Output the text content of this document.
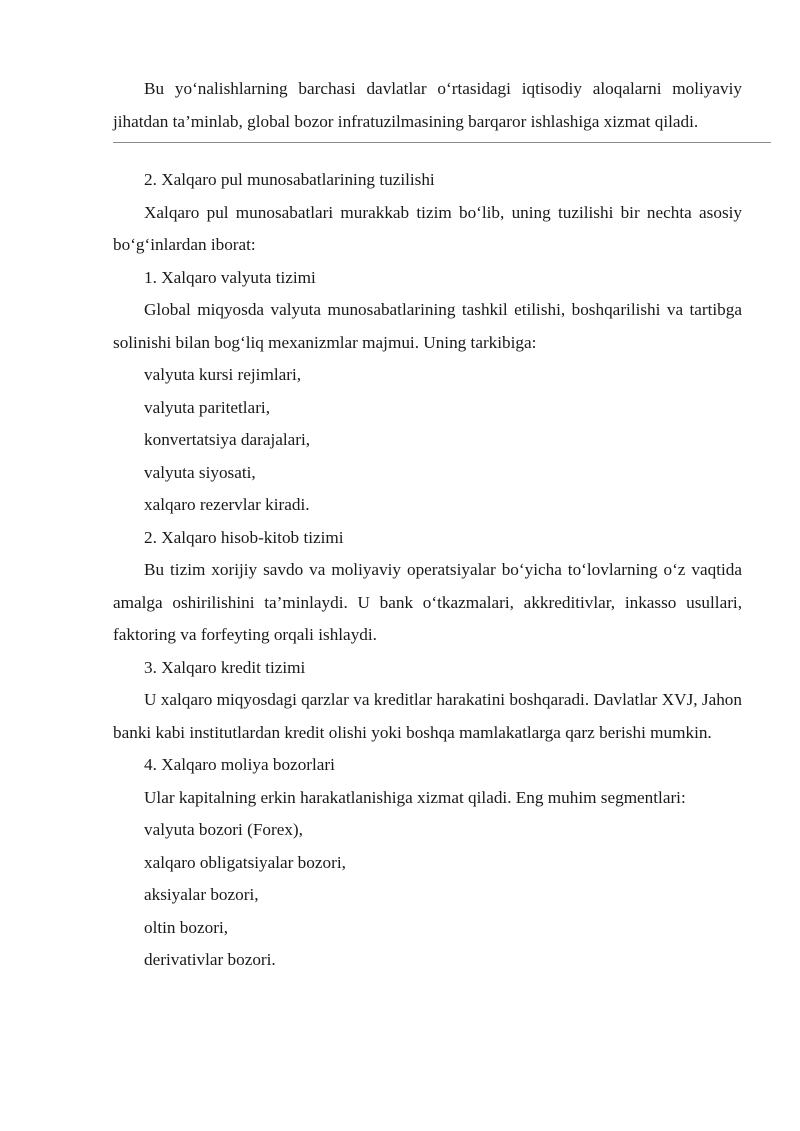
Bu yo‘nalishlarning barchasi davlatlar o‘rtasidagi iqtisodiy aloqalarni moliyaviy jihatdan ta’minlab, global bozor infratuzilmasining barqaror ishlashiga xizmat qiladi.

2. Xalqaro pul munosabatlarining tuzilishi

Xalqaro pul munosabatlari murakkab tizim bo‘lib, uning tuzilishi bir nechta asosiy bo‘g‘inlardan iborat:

1. Xalqaro valyuta tizimi

Global miqyosda valyuta munosabatlarining tashkil etilishi, boshqarilishi va tartibga solinishi bilan bog‘liq mexanizmlar majmui. Uning tarkibiga:

valyuta kursi rejimlari,

valyuta paritetlari,

konvertatsiya darajalari,

valyuta siyosati,

xalqaro rezervlar kiradi.

2. Xalqaro hisob-kitob tizimi

Bu tizim xorijiy savdo va moliyaviy operatsiyalar bo‘yicha to‘lovlarning o‘z vaqtida amalga oshirilishini ta’minlaydi. U bank o‘tkazmalari, akkreditivlar, inkasso usullari, faktoring va forfeyting orqali ishlaydi.

3. Xalqaro kredit tizimi

U xalqaro miqyosdagi qarzlar va kreditlar harakatini boshqaradi. Davlatlar XVJ, Jahon banki kabi institutlardan kredit olishi yoki boshqa mamlakatlarga qarz berishi mumkin.

4. Xalqaro moliya bozorlari

Ular kapitalning erkin harakatlanishiga xizmat qiladi. Eng muhim segmentlari:

valyuta bozori (Forex),

xalqaro obligatsiyalar bozori,

aksiyalar bozori,

oltin bozori,

derivativlar bozori.
